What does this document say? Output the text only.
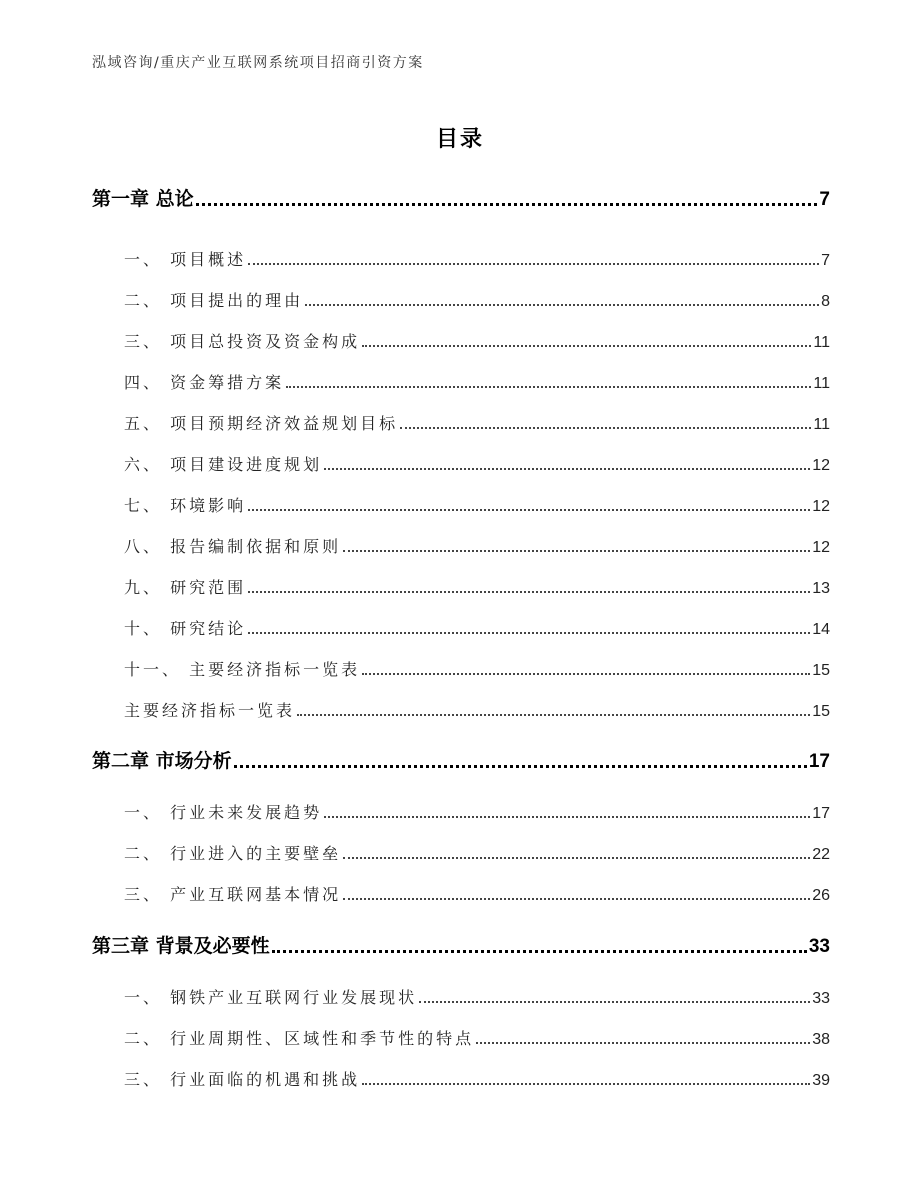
泓域咨询/重庆产业互联网系统项目招商引资方案
目录
第一章 总论	7
一、 项目概述	7
二、 项目提出的理由	8
三、 项目总投资及资金构成	11
四、 资金筹措方案	11
五、 项目预期经济效益规划目标	11
六、 项目建设进度规划	12
七、 环境影响	12
八、 报告编制依据和原则	12
九、 研究范围	13
十、 研究结论	14
十一、 主要经济指标一览表	15
主要经济指标一览表	15
第二章 市场分析	17
一、 行业未来发展趋势	17
二、 行业进入的主要壁垒	22
三、 产业互联网基本情况	26
第三章 背景及必要性	33
一、 钢铁产业互联网行业发展现状	33
二、 行业周期性、区域性和季节性的特点	38
三、 行业面临的机遇和挑战	39
